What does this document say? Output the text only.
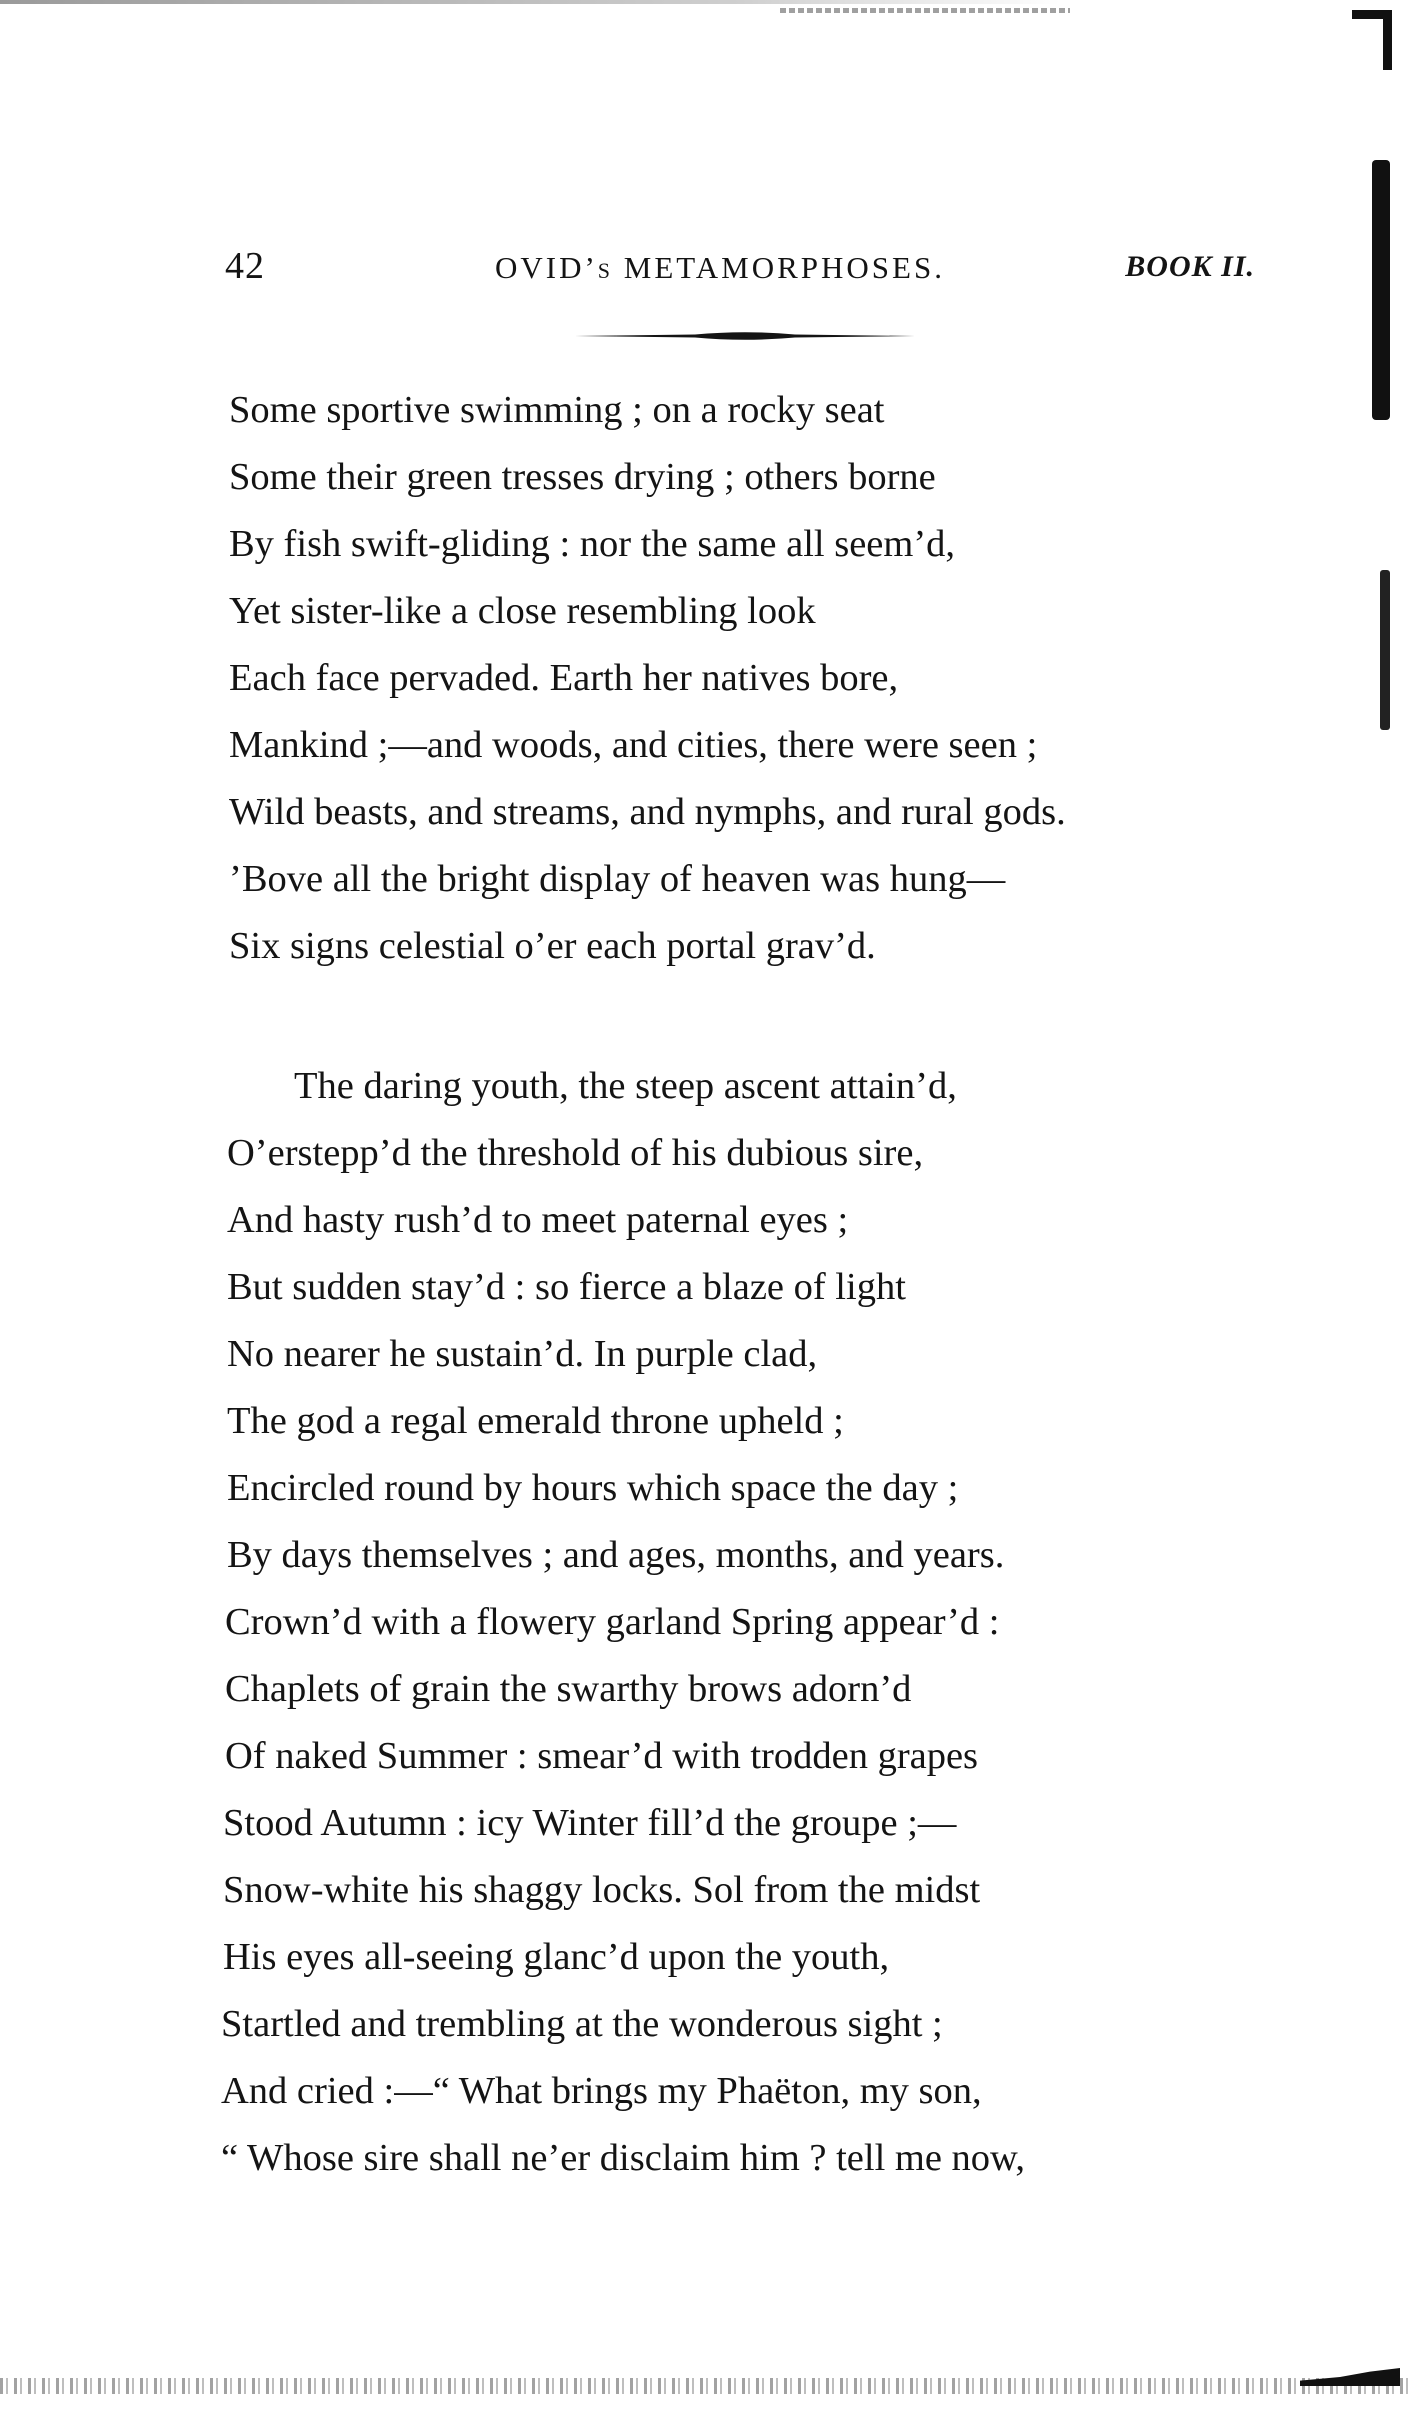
42	OVID’s METAMORPHOSES.	BOOK II.
Some sportive swimming ; on a rocky seat
Some their green tresses drying ; others borne
By fish swift-gliding : nor the same all seem’d,
Yet sister-like a close resembling look
Each face pervaded. Earth her natives bore,
Mankind ;—and woods, and cities, there were seen ;
Wild beasts, and streams, and nymphs, and rural gods.
’Bove all the bright display of heaven was hung—
Six signs celestial o’er each portal grav’d.
The daring youth, the steep ascent attain’d,
O’erstepp’d the threshold of his dubious sire,
And hasty rush’d to meet paternal eyes ;
But sudden stay’d : so fierce a blaze of light
No nearer he sustain’d. In purple clad,
The god a regal emerald throne upheld ;
Encircled round by hours which space the day ;
By days themselves ; and ages, months, and years.
Crown’d with a flowery garland Spring appear’d :
Chaplets of grain the swarthy brows adorn’d
Of naked Summer : smear’d with trodden grapes
Stood Autumn : icy Winter fill’d the groupe ;—
Snow-white his shaggy locks. Sol from the midst
His eyes all-seeing glanc’d upon the youth,
Startled and trembling at the wonderous sight ;
And cried :—“ What brings my Phaëton, my son,
“ Whose sire shall ne’er disclaim him ? tell me now,
